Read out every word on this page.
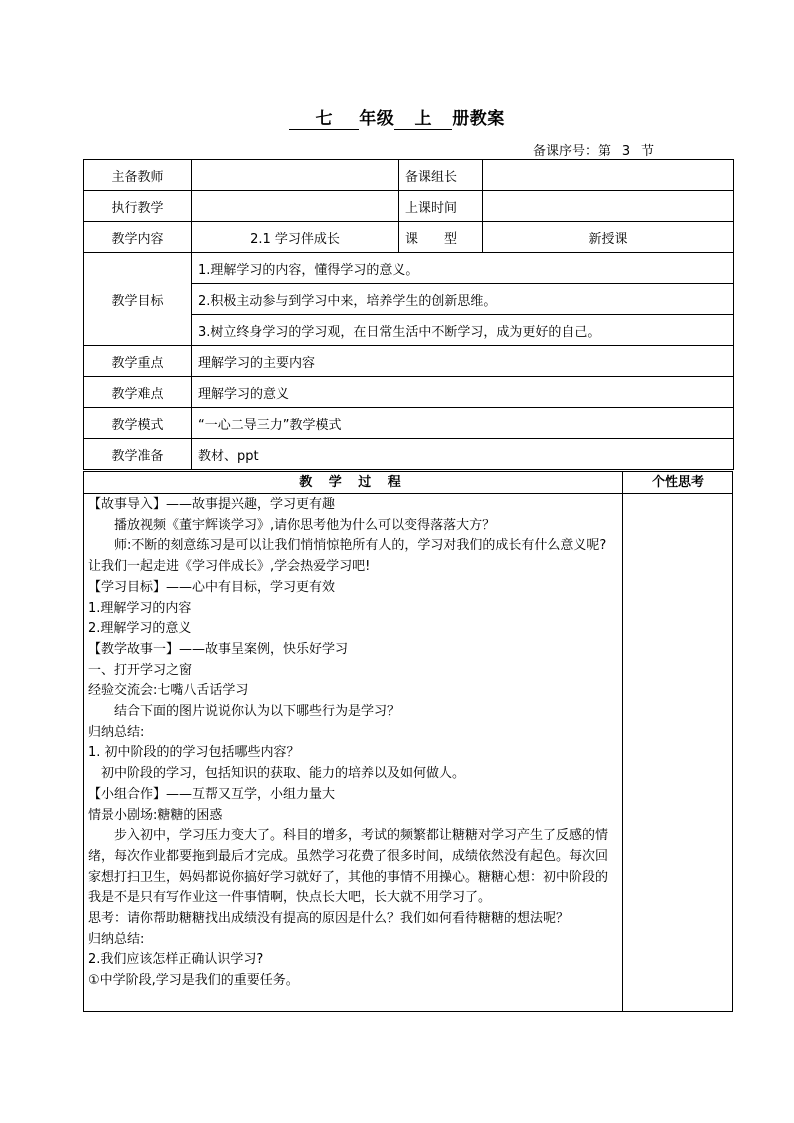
七 年级 上 册教案
备课序号：第 3 节
主备教师		备课组长	
执行教学		上课时间	
教学内容	2.1 学习伴成长	课　　型	新授课
教学目标	1.理解学习的内容，懂得学习的意义。		
	2.积极主动参与到学习中来，培养学生的创新思维。		
	3.树立终身学习的学习观，在日常生活中不断学习，成为更好的自己。		
教学重点	理解学习的主要内容		
教学难点	理解学习的意义		
教学模式	“一心二导三力”教学模式		
教学准备	教材、ppt		
教 学 过 程	个性思考

【故事导入】——故事提兴趣，学习更有趣

播放视频《董宇辉谈学习》,请你思考他为什么可以变得落落大方？

师:不断的刻意练习是可以让我们悄悄惊艳所有人的，学习对我们的成长有什么意义呢?让我们一起走进《学习伴成长》,学会热爱学习吧!

【学习目标】——心中有目标，学习更有效

1.理解学习的内容

2.理解学习的意义

【教学故事一】——故事呈案例，快乐好学习

一、打开学习之窗

经验交流会:七嘴八舌话学习

结合下面的图片说说你认为以下哪些行为是学习？

归纳总结:

1. 初中阶段的的学习包括哪些内容？

初中阶段的学习，包括知识的获取、能力的培养以及如何做人。

【小组合作】——互帮又互学，小组力量大

情景小剧场:糖糖的困惑

步入初中，学习压力变大了。科目的增多，考试的频繁都让糖糖对学习产生了反感的情绪，每次作业都要拖到最后才完成。虽然学习花费了很多时间，成绩依然没有起色。每次回家想打扫卫生，妈妈都说你搞好学习就好了，其他的事情不用操心。糖糖心想：初中阶段的我是不是只有写作业这一件事情啊，快点长大吧，长大就不用学习了。

思考：请你帮助糖糖找出成绩没有提高的原因是什么？我们如何看待糖糖的想法呢？

归纳总结:

2.我们应该怎样正确认识学习?

①中学阶段,学习是我们的重要任务。
